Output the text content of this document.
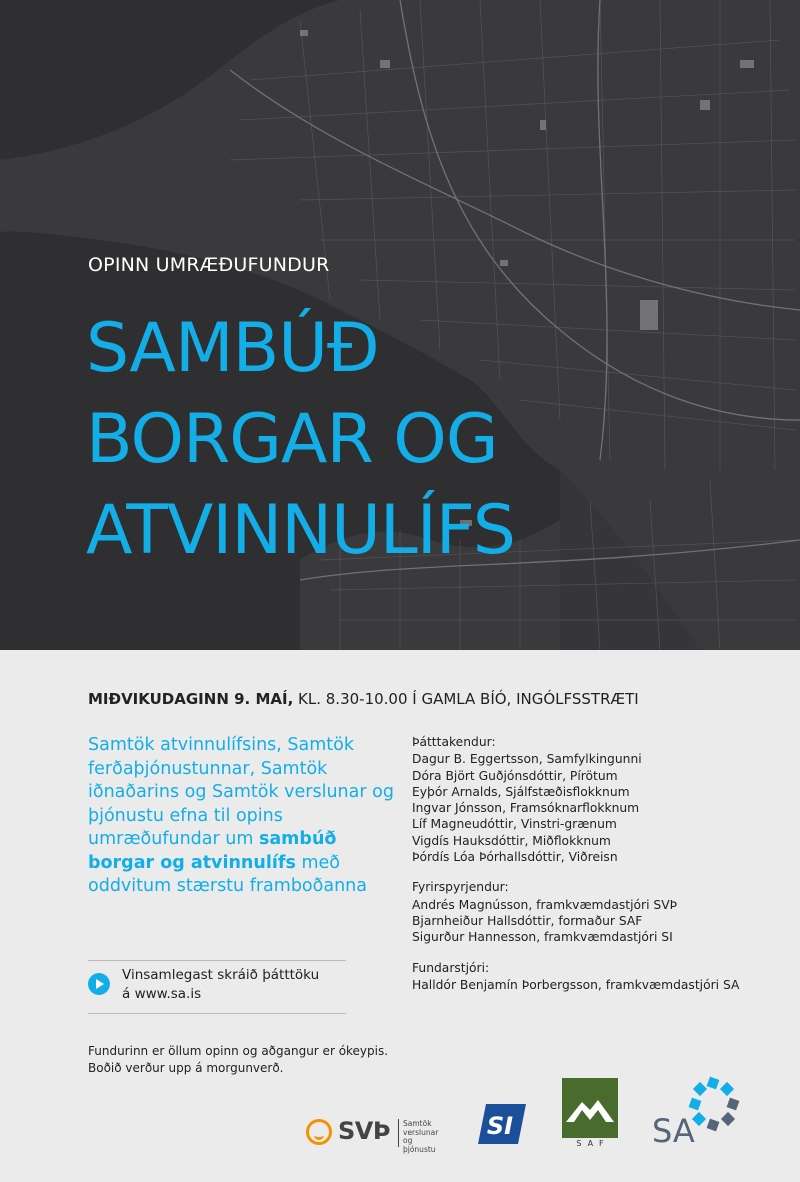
OPINN UMRÆÐUFUNDUR
SAMBÚÐ
BORGAR OG
ATVINNULÍFS
MIÐVIKUDAGINN 9. MAÍ, KL. 8.30-10.00 Í GAMLA BÍÓ, INGÓLFSSTRÆTI
Samtök atvinnulífsins, Samtök ferðaþjónustunnar, Samtök iðnaðarins og Samtök verslunar og þjónustu efna til opins umræðufundar um sambúð borgar og atvinnulífs með oddvitum stærstu framboðanna
Vinsamlegast skráið þátttöku
á www.sa.is
Fundurinn er öllum opinn og aðgangur er ókeypis.
Boðið verður upp á morgunverð.
Þátttakendur:
Dagur B. Eggertsson, Samfylkingunni
Dóra Björt Guðjónsdóttir, Pírötum
Eyþór Arnalds, Sjálfstæðisflokknum
Ingvar Jónsson, Framsóknarflokknum
Líf Magneudóttir, Vinstri-grænum
Vigdís Hauksdóttir, Miðflokknum
Þórdís Lóa Þórhallsdóttir, Viðreisn
Fyrirspyrjendur:
Andrés Magnússon, framkvæmdastjóri SVÞ
Bjarnheiður Hallsdóttir, formaður SAF
Sigurður Hannesson, framkvæmdastjóri SI
Fundarstjóri:
Halldór Benjamín Þorbergsson, framkvæmdastjóri SA
SVÞ Samtök
verslunar og
þjónustu
SI
SAF SA
